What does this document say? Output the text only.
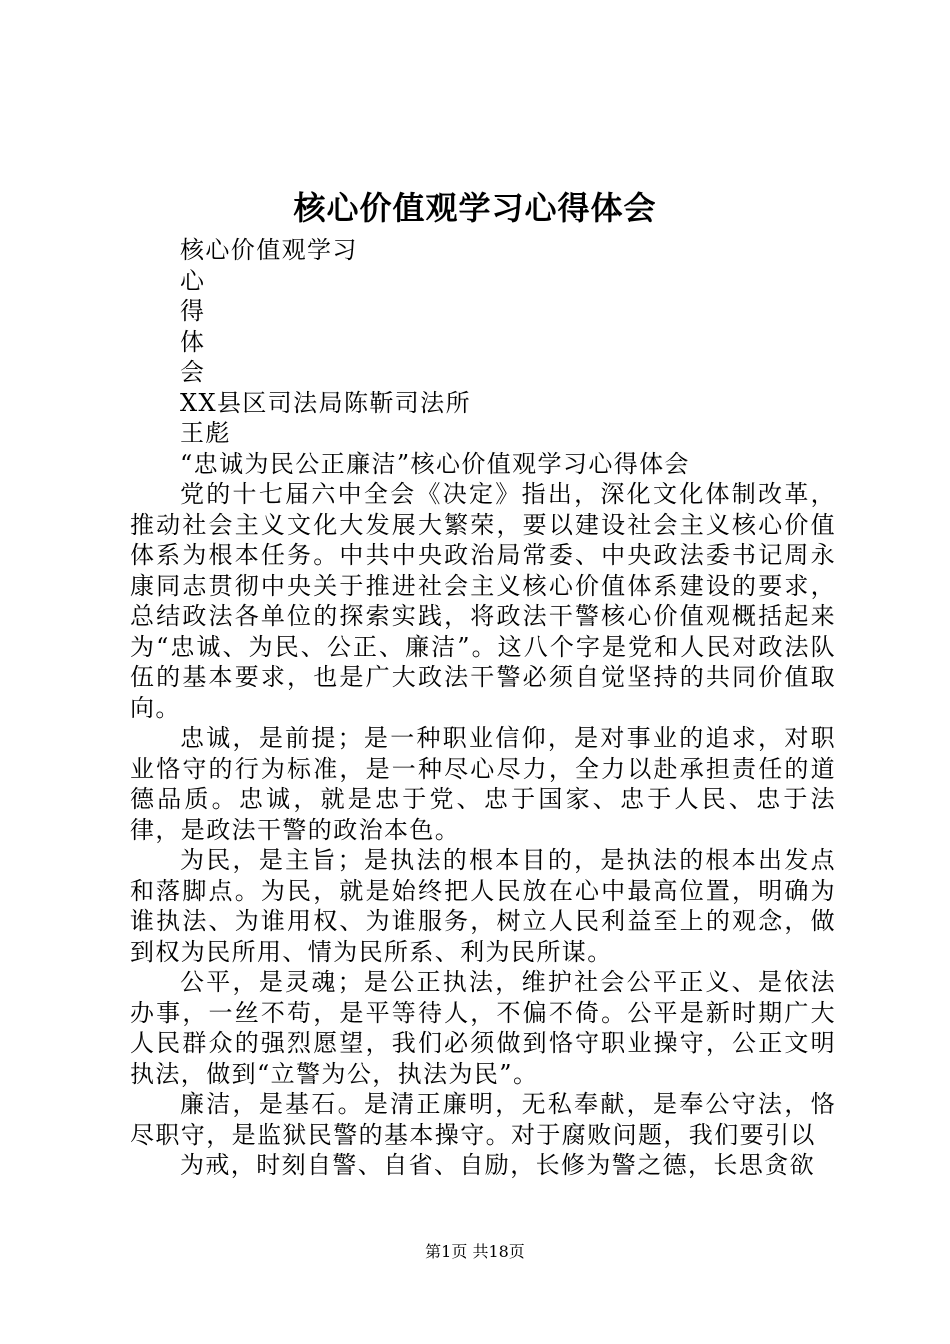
核心价值观学习心得体会

核心价值观学习

心

得

体

会

XX县区司法局陈靳司法所

王彪

“忠诚为民公正廉洁”核心价值观学习心得体会

党的十七届六中全会《决定》指出，深化文化体制改革，推动社会主义文化大发展大繁荣，要以建设社会主义核心价值体系为根本任务。中共中央政治局常委、中央政法委书记周永康同志贯彻中央关于推进社会主义核心价值体系建设的要求，总结政法各单位的探索实践，将政法干警核心价值观概括起来为“忠诚、为民、公正、廉洁”。这八个字是党和人民对政法队伍的基本要求，也是广大政法干警必须自觉坚持的共同价值取向。

忠诚，是前提；是一种职业信仰，是对事业的追求，对职业恪守的行为标准，是一种尽心尽力，全力以赴承担责任的道德品质。忠诚，就是忠于党、忠于国家、忠于人民、忠于法律，是政法干警的政治本色。

为民，是主旨；是执法的根本目的，是执法的根本出发点和落脚点。为民，就是始终把人民放在心中最高位置，明确为谁执法、为谁用权、为谁服务，树立人民利益至上的观念，做到权为民所用、情为民所系、利为民所谋。

公平，是灵魂；是公正执法，维护社会公平正义、是依法办事，一丝不苟，是平等待人，不偏不倚。公平是新时期广大人民群众的强烈愿望，我们必须做到恪守职业操守，公正文明执法，做到“立警为公，执法为民”。

廉洁，是基石。是清正廉明，无私奉献，是奉公守法，恪尽职守，是监狱民警的基本操守。对于腐败问题，我们要引以

为戒，时刻自警、自省、自励，长修为警之德，长思贪欲

第1页 共18页
